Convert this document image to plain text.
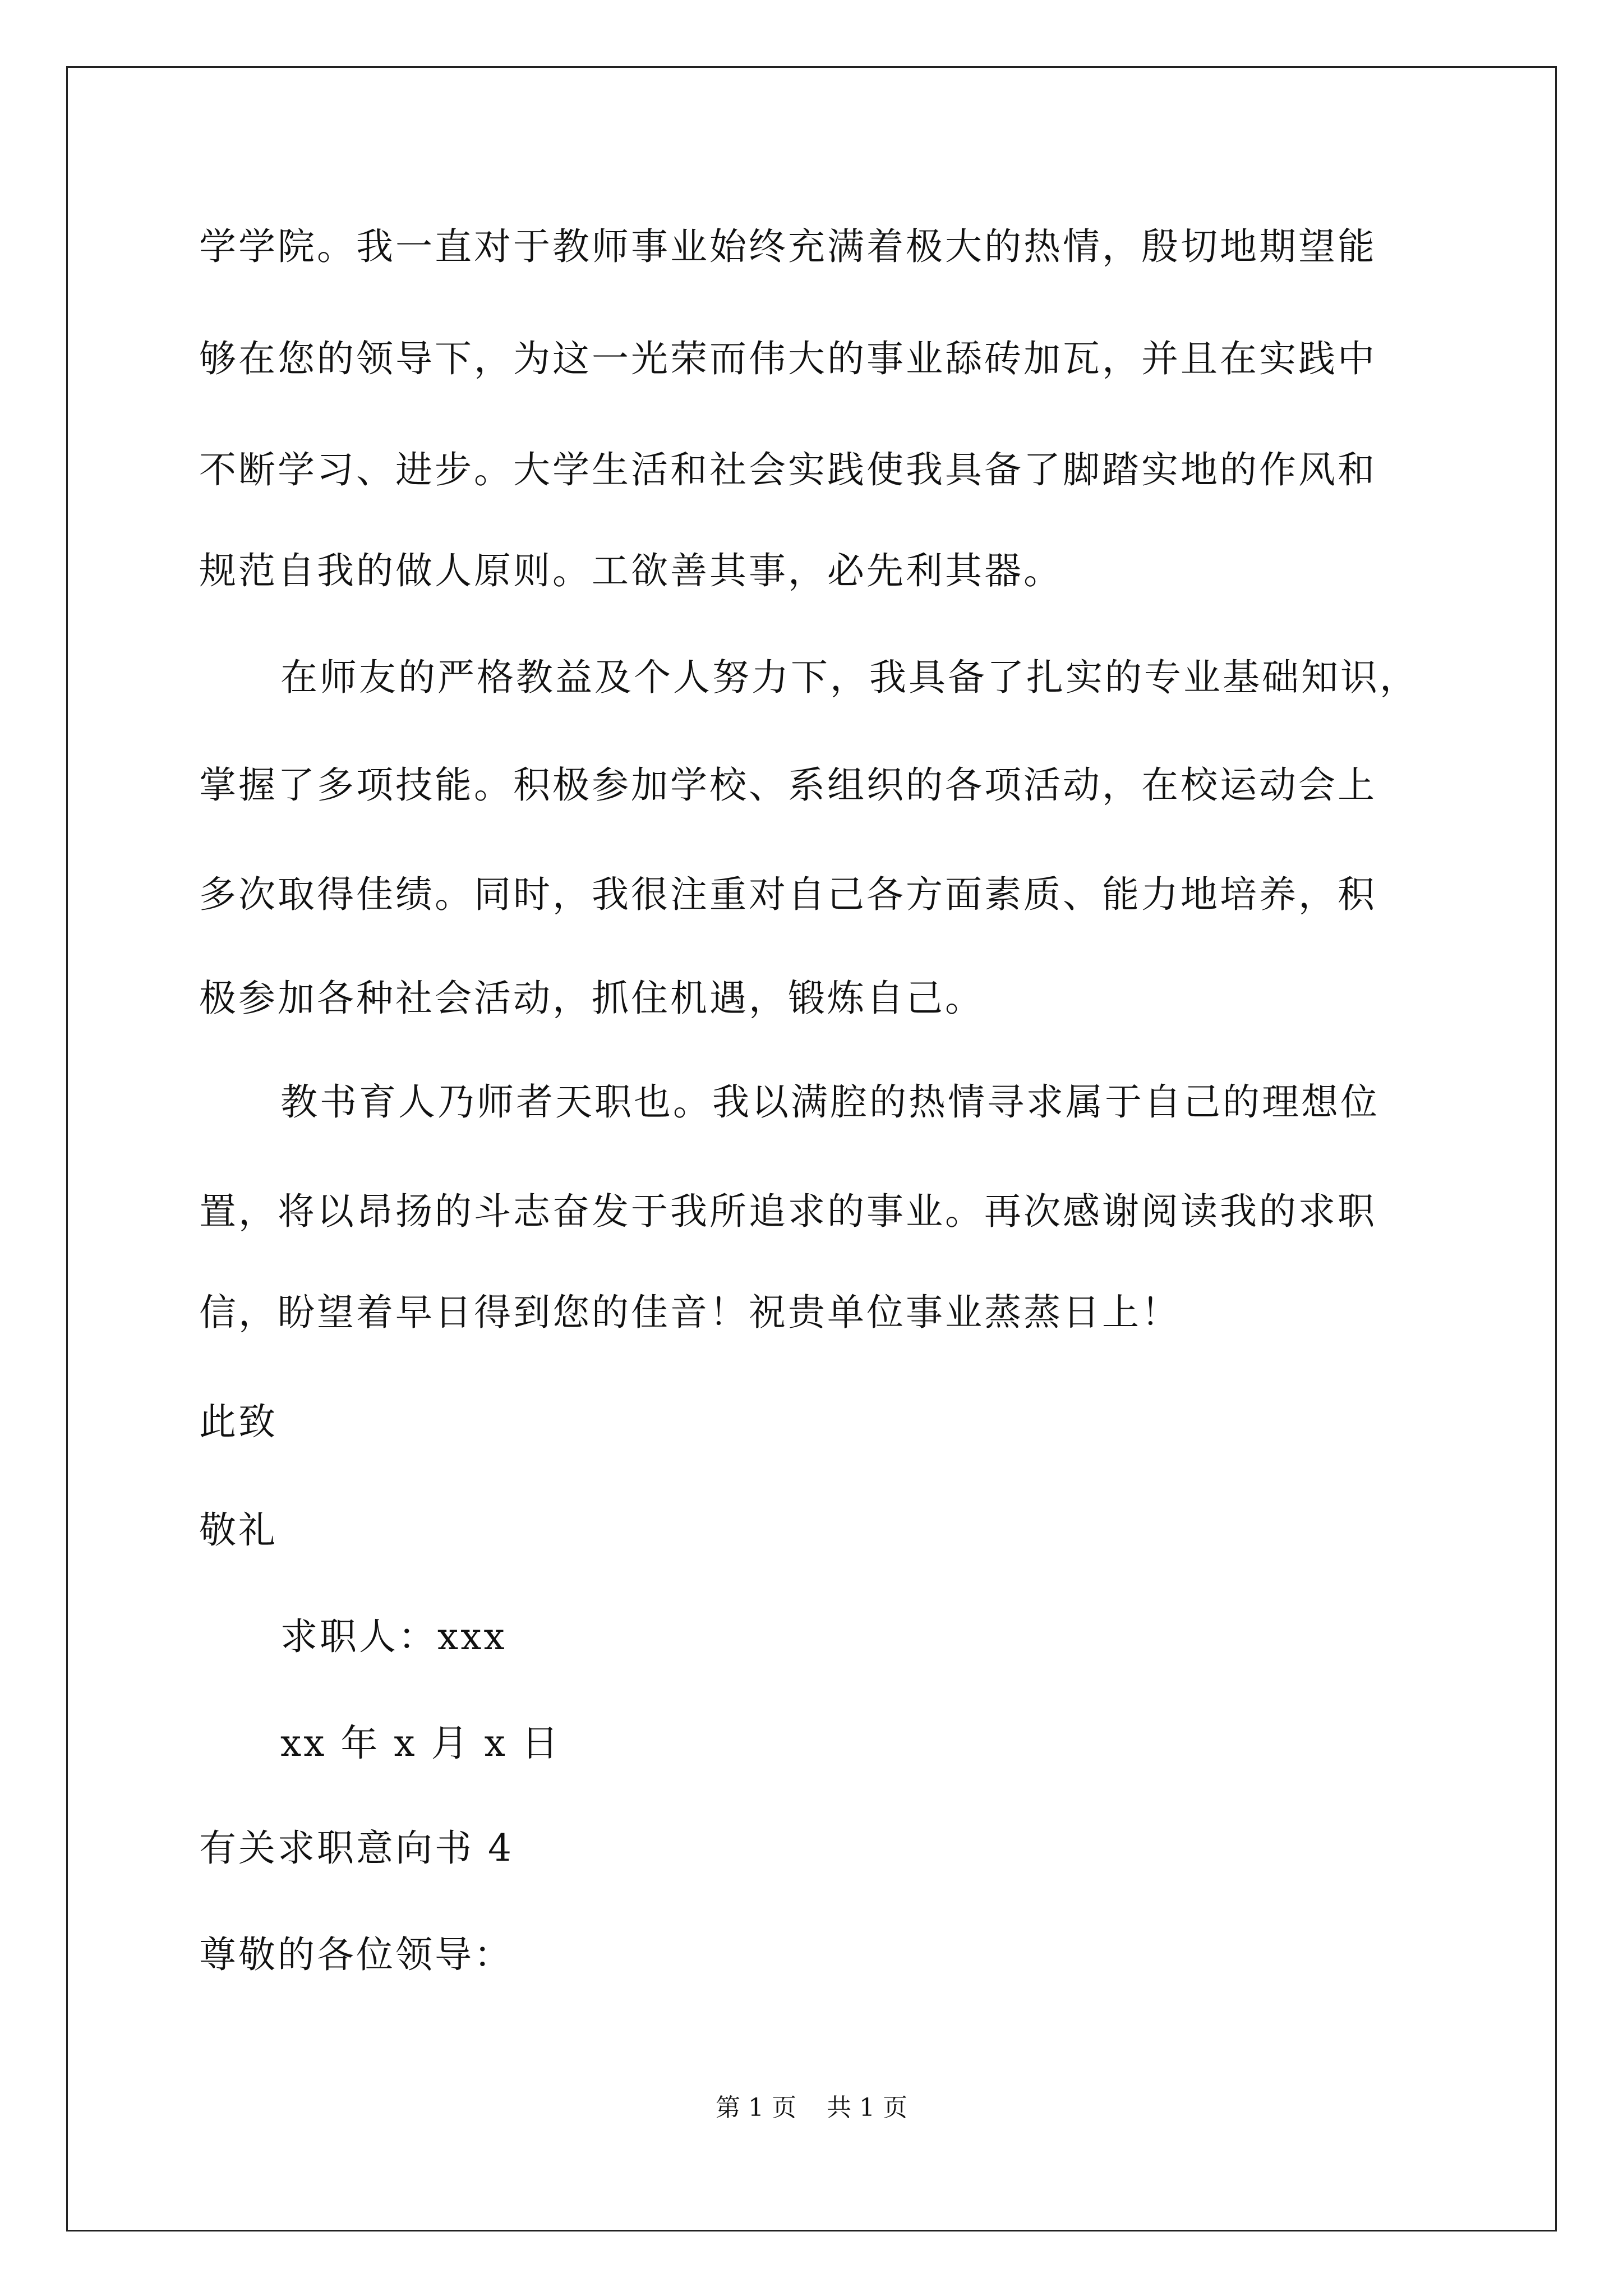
学学院。我一直对于教师事业始终充满着极大的热情，殷切地期望能
够在您的领导下，为这一光荣而伟大的事业舔砖加瓦，并且在实践中
不断学习、进步。大学生活和社会实践使我具备了脚踏实地的作风和
规范自我的做人原则。工欲善其事，必先利其器。
在师友的严格教益及个人努力下，我具备了扎实的专业基础知识，
掌握了多项技能。积极参加学校、系组织的各项活动，在校运动会上
多次取得佳绩。同时，我很注重对自己各方面素质、能力地培养，积
极参加各种社会活动，抓住机遇，锻炼自己。
教书育人乃师者天职也。我以满腔的热情寻求属于自己的理想位
置，将以昂扬的斗志奋发于我所追求的事业。再次感谢阅读我的求职
信，盼望着早日得到您的佳音！祝贵单位事业蒸蒸日上！
此致
敬礼
求职人：xxx
xx 年 x 月 x 日
有关求职意向书 4
尊敬的各位领导：
第 1 页 共 1 页
